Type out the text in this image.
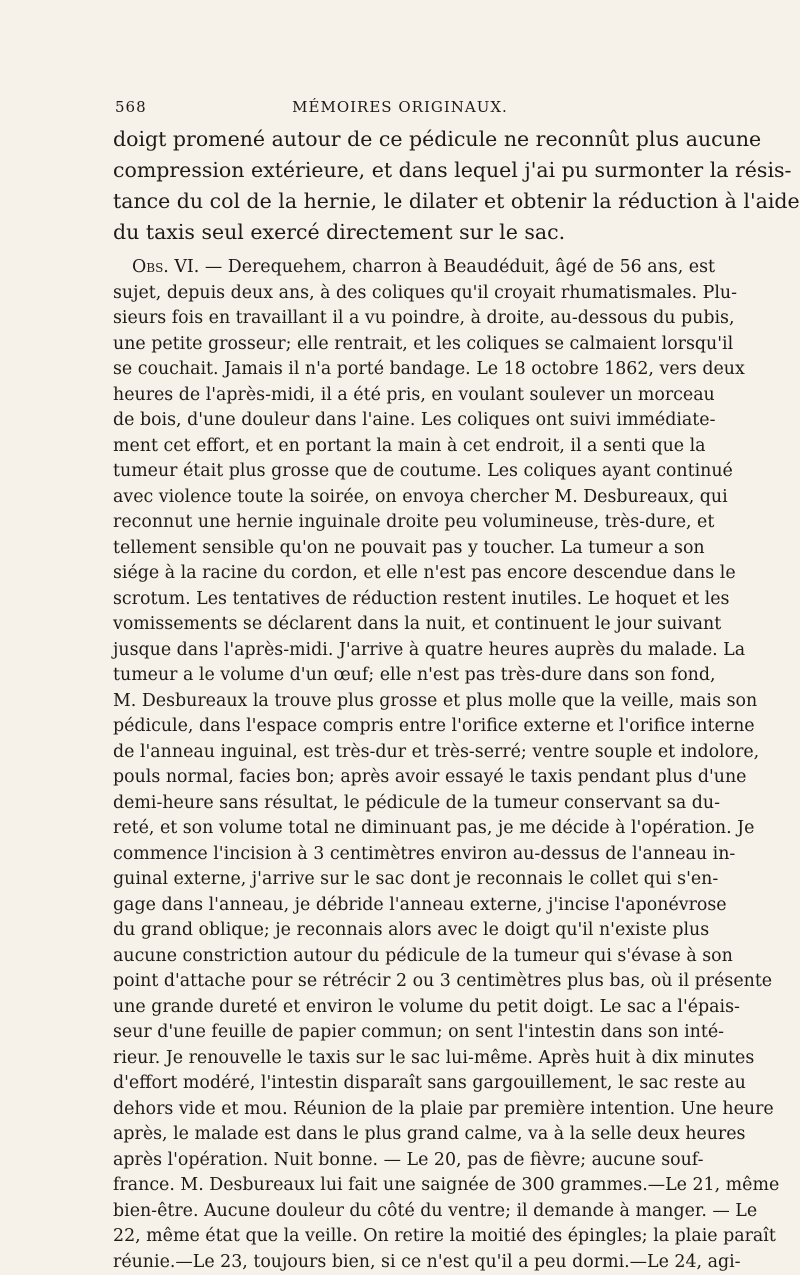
568	MÉMOIRES ORIGINAUX.
doigt promené autour de ce pédicule ne reconnût plus aucune
compression extérieure, et dans lequel j'ai pu surmonter la résis-
tance du col de la hernie, le dilater et obtenir la réduction à l'aide
du taxis seul exercé directement sur le sac.
Obs. VI. — Derequehem, charron à Beaudéduit, âgé de 56 ans, est
sujet, depuis deux ans, à des coliques qu'il croyait rhumatismales. Plu-
sieurs fois en travaillant il a vu poindre, à droite, au-dessous du pubis,
une petite grosseur; elle rentrait, et les coliques se calmaient lorsqu'il
se couchait. Jamais il n'a porté bandage. Le 18 octobre 1862, vers deux
heures de l'après-midi, il a été pris, en voulant soulever un morceau
de bois, d'une douleur dans l'aine. Les coliques ont suivi immédiate-
ment cet effort, et en portant la main à cet endroit, il a senti que la
tumeur était plus grosse que de coutume. Les coliques ayant continué
avec violence toute la soirée, on envoya chercher M. Desbureaux, qui
reconnut une hernie inguinale droite peu volumineuse, très-dure, et
tellement sensible qu'on ne pouvait pas y toucher. La tumeur a son
siége à la racine du cordon, et elle n'est pas encore descendue dans le
scrotum. Les tentatives de réduction restent inutiles. Le hoquet et les
vomissements se déclarent dans la nuit, et continuent le jour suivant
jusque dans l'après-midi. J'arrive à quatre heures auprès du malade. La
tumeur a le volume d'un œuf; elle n'est pas très-dure dans son fond,
M. Desbureaux la trouve plus grosse et plus molle que la veille, mais son
pédicule, dans l'espace compris entre l'orifice externe et l'orifice interne
de l'anneau inguinal, est très-dur et très-serré; ventre souple et indolore,
pouls normal, facies bon; après avoir essayé le taxis pendant plus d'une
demi-heure sans résultat, le pédicule de la tumeur conservant sa du-
reté, et son volume total ne diminuant pas, je me décide à l'opération. Je
commence l'incision à 3 centimètres environ au-dessus de l'anneau in-
guinal externe, j'arrive sur le sac dont je reconnais le collet qui s'en-
gage dans l'anneau, je débride l'anneau externe, j'incise l'aponévrose
du grand oblique; je reconnais alors avec le doigt qu'il n'existe plus
aucune constriction autour du pédicule de la tumeur qui s'évase à son
point d'attache pour se rétrécir 2 ou 3 centimètres plus bas, où il présente
une grande dureté et environ le volume du petit doigt. Le sac a l'épais-
seur d'une feuille de papier commun; on sent l'intestin dans son inté-
rieur. Je renouvelle le taxis sur le sac lui-même. Après huit à dix minutes
d'effort modéré, l'intestin disparaît sans gargouillement, le sac reste au
dehors vide et mou. Réunion de la plaie par première intention. Une heure
après, le malade est dans le plus grand calme, va à la selle deux heures
après l'opération. Nuit bonne. — Le 20, pas de fièvre; aucune souf-
france. M. Desbureaux lui fait une saignée de 300 grammes.—Le 21, même
bien-être. Aucune douleur du côté du ventre; il demande à manger. — Le
22, même état que la veille. On retire la moitié des épingles; la plaie paraît
réunie.—Le 23, toujours bien, si ce n'est qu'il a peu dormi.—Le 24, agi-
